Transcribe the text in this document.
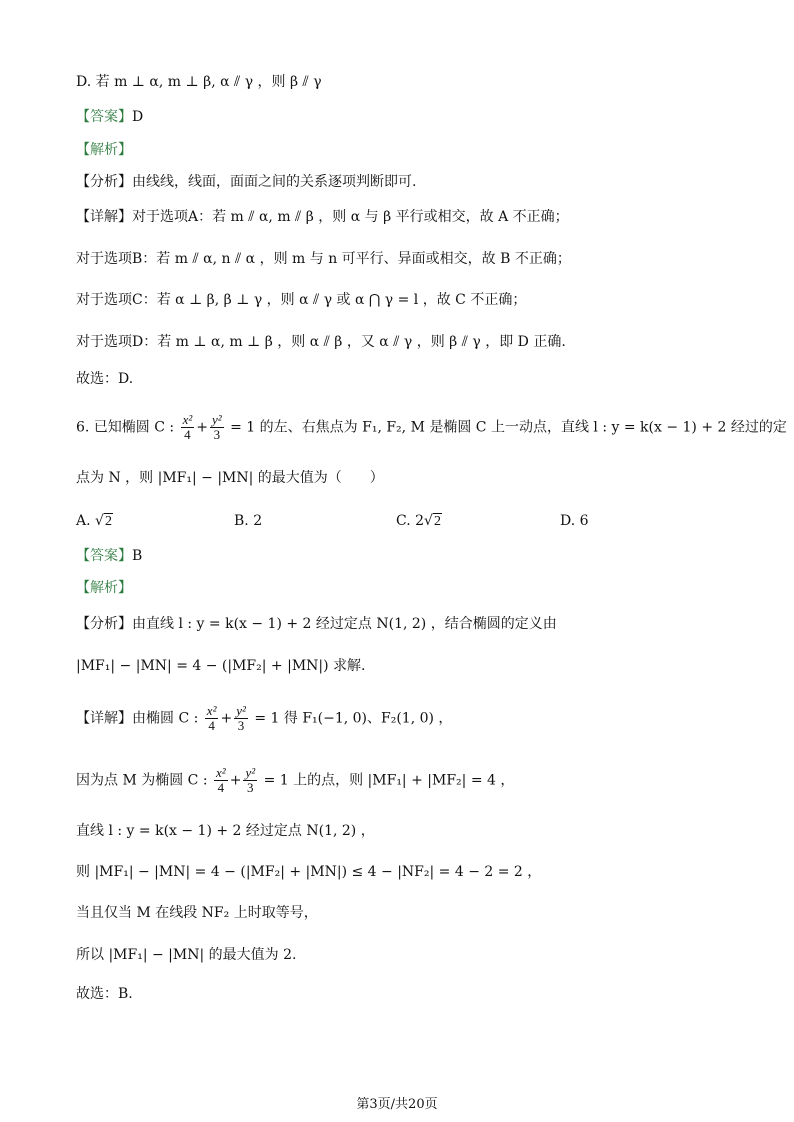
D. 若 m ⊥ α, m ⊥ β, α ⫽ γ ，则 β ⫽ γ
【答案】D
【解析】
【分析】由线线，线面，面面之间的关系逐项判断即可.
【详解】对于选项A：若 m ⫽ α, m ⫽ β ，则 α 与 β 平行或相交，故 A 不正确；
对于选项B：若 m ⫽ α, n ⫽ α ，则 m 与 n 可平行、异面或相交，故 B 不正确；
对于选项C：若 α ⊥ β, β ⊥ γ ，则 α ⫽ γ 或 α ⋂ γ = l ，故 C 不正确；
对于选项D：若 m ⊥ α, m ⊥ β ，则 α ⫽ β ，又 α ⫽ γ ，则 β ⫽ γ ，即 D 正确.
故选：D.
6. 已知椭圆 C : $\frac{\text{x²}}{4} + \frac{\text{y²}}{3} = 1$ 的左、右焦点为 F₁, F₂, M 是椭圆 C 上一动点，直线 l : y = k(x − 1) + 2 经过的定
点为 N ，则 |MF₁| − |MN| 的最大值为（　　）
A. √2	B. 2	C. 2√2	D. 6
【答案】B
【解析】
【分析】由直线 l : y = k(x − 1) + 2 经过定点 N(1, 2) ，结合椭圆的定义由
|MF₁| − |MN| = 4 − (|MF₂| + |MN|) 求解.
【详解】由椭圆 C : $\frac{\text{x²}}{4} + \frac{\text{y²}}{3} = 1$ 得 F₁(−1, 0)、F₂(1, 0) ，
因为点 M 为椭圆 C : $\frac{\text{x²}}{4} + \frac{\text{y²}}{3} = 1$ 上的点，则 |MF₁| + |MF₂| = 4 ，
直线 l : y = k(x − 1) + 2 经过定点 N(1, 2) ，
则 |MF₁| − |MN| = 4 − (|MF₂| + |MN|) ≤ 4 − |NF₂| = 4 − 2 = 2 ，
当且仅当 M 在线段 NF₂ 上时取等号，
所以 |MF₁| − |MN| 的最大值为 2.
故选：B.
第3页/共20页
